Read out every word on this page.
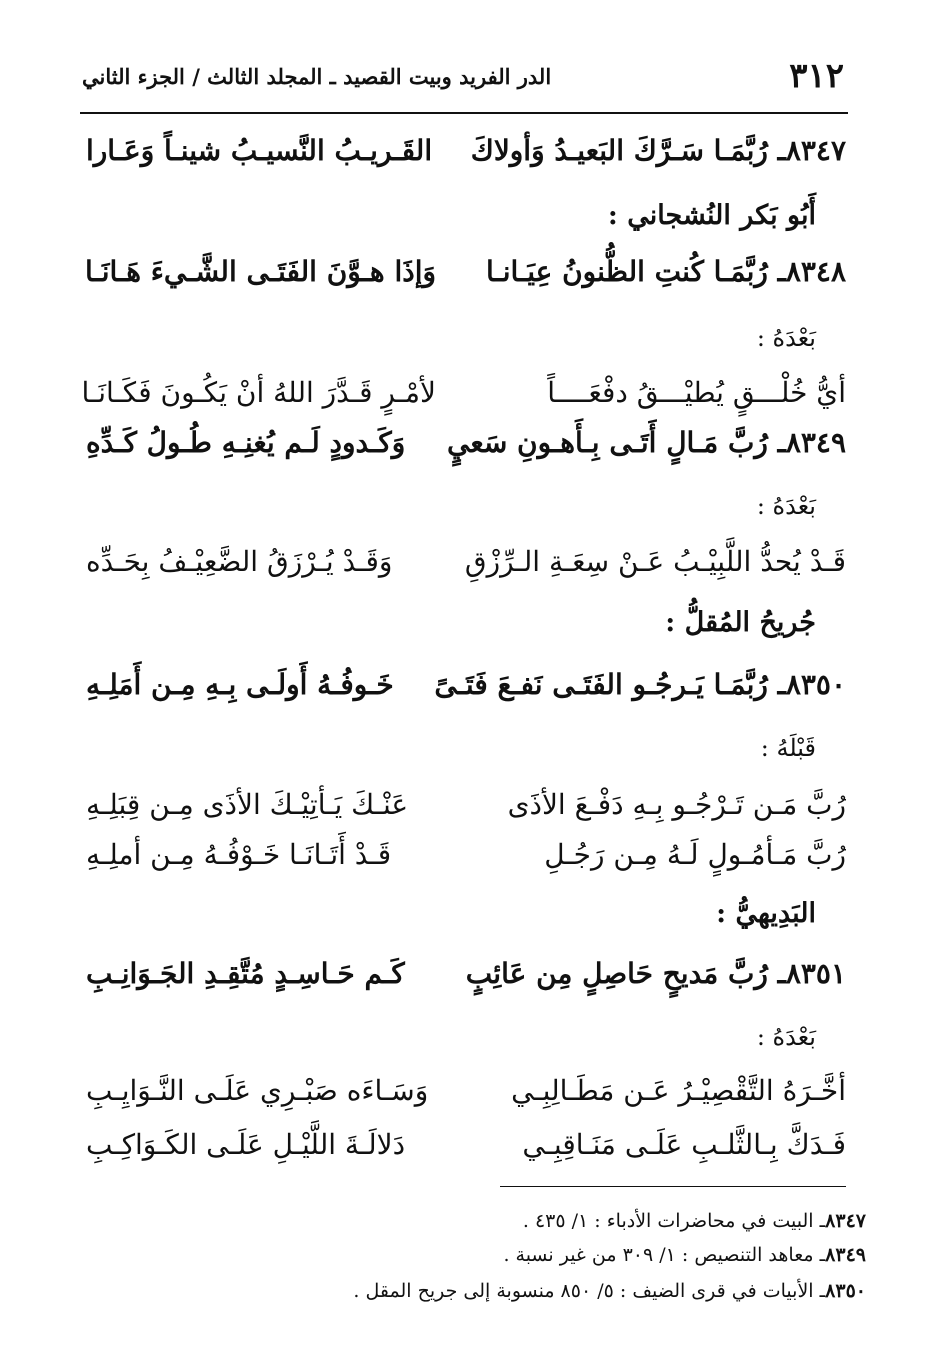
٣١٢
الدر الفريد وبيت القصيد ـ المجلد الثالث / الجزء الثاني
٨٣٤٧ـ رُبَّمَـا سَـرَّكَ البَعيـدُ وَأولاكَ
القَـريـبُ النَّسيـبُ شينـاً وَعَـارا
أَبُو بَكر النُشجاني :
٨٣٤٨ـ رُبَّمَـا كُنتِ الظُّنونُ عِيَـانـا
وَإذَا هـوَّنَ الفَتَـى الشَّـيءَ هَـانَـا
بَعْدَهُ :
أيُّ خُلْـــقٍ يُطيْـــقُ دفْعَــــاً
لأمْـرٍ قَـدَّرَ اللهُ أنْ يَكُـونَ فَكَـانَـا
٨٣٤٩ـ رُبَّ مَـالٍ أَتَـى بِـأَهـونِ سَعيٍ
وَكَـدودٍ لَـم يُغنِـهِ طُـولُ كَـدِّهِ
بَعْدَهُ :
قَـدْ يُحدُّ اللَّبِيْـبُ عَـنْ سِعَـةِ الـرِّزْقِ
وَقَـدْ يُـرْزَقُ الضَّعِيْـفُ بِحَـدِّه
جُريحُ المُقلُّ :
٨٣٥٠ـ رُبَّمَـا يَـرجُـو الفَتَـى نَفـعَ فَتَـىً
خَـوفُـهُ أَولَـى بِـهِ مِـن أَمَلِـهِ
قَبْلَهُ :
رُبَّ مَـن تَـرْجُـو بِـهِ دَفْـعَ الأذَى
عَنْـكَ يَـأتِيْـكَ الأذَى مِـن قِبَلِـهِ
رُبَّ مَـأمُـولٍ لَـهُ مِـن رَجُـلِ
قَـدْ أَتَـانَـا خَـوْفُـهُ مِـن أملِـهِ
البَدِيهيُّ :
٨٣٥١ـ رُبَّ مَديحٍ حَاصِلٍ مِن عَائِبٍ
كَـم حَـاسِـدٍ مُتَّقِـدِ الجَـوَانِـبِ
بَعْدَهُ :
أخَّـرَهُ التَّقْصِيْـرُ عَـن مَطَـالِبِـي
وَسَـاءَه صَبْـرِي عَلَـى النَّـوَايِـبِ
فَـدَكَّ بِـالثَّلـبِ عَلَـى مَنَـاقِبِـي
دَلالَـةَ اللَّيْـلِ عَلَـى الكَـوَاكِـبِ
٨٣٤٧ـ البيت في محاضرات الأدباء : ١/ ٤٣٥ .
٨٣٤٩ـ معاهد التنصيص : ١/ ٣٠٩ من غير نسبة .
٨٣٥٠ـ الأبيات في قرى الضيف : ٥/ ٨٥٠ منسوبة إلى جريح المقل .
